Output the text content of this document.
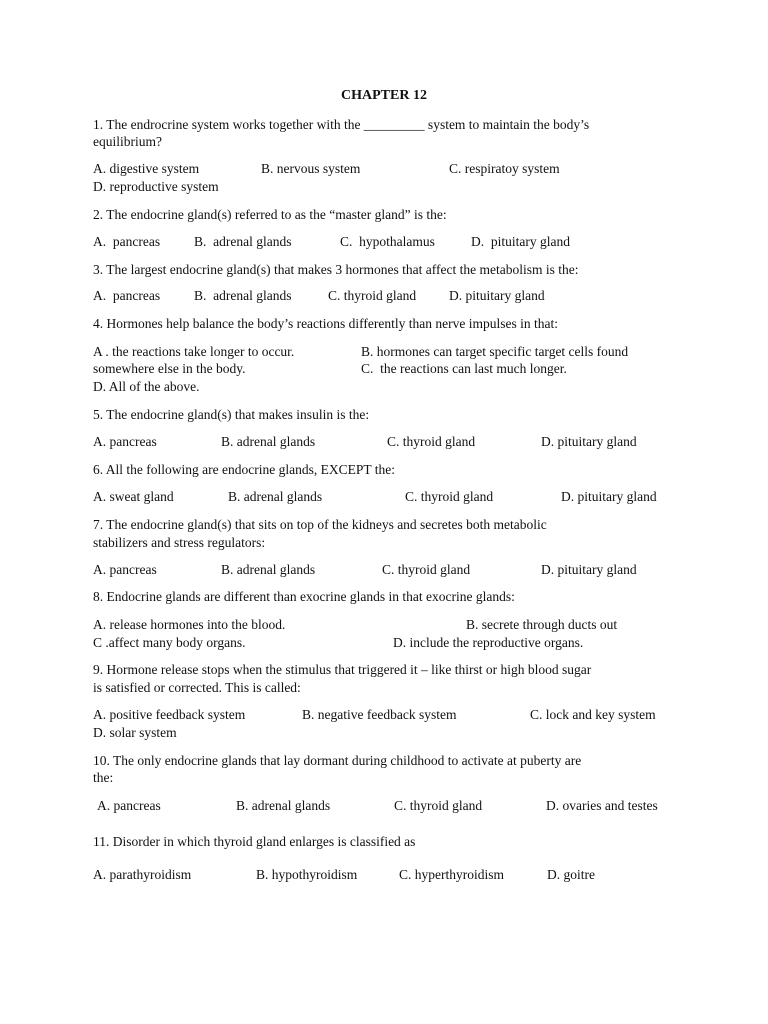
CHAPTER 12
1. The endrocrine system works together with the _________ system to maintain the body’s
equilibrium?
A. digestive system	B. nervous system	C. respiratoy system
D. reproductive system
2. The endocrine gland(s) referred to as the “master gland” is the:
A.  pancreas	B.  adrenal glands	C.  hypothalamus	D.  pituitary gland
3. The largest endocrine gland(s) that makes 3 hormones that affect the metabolism is the:
A.  pancreas	B.  adrenal glands	C. thyroid gland D. pituitary gland
4. Hormones help balance the body’s reactions differently than nerve impulses in that:
A . the reactions take longer to occur.	B. hormones can target specific target cells found
somewhere else in the body.	C.  the reactions can last much longer.
D. All of the above.
5. The endocrine gland(s) that makes insulin is the:
A. pancreas	B. adrenal glands	C. thyroid gland	D. pituitary gland
6. All the following are endocrine glands, EXCEPT the:
A. sweat gland	B. adrenal glands	C. thyroid gland	D. pituitary gland
7. The endocrine gland(s) that sits on top of the kidneys and secretes both metabolic
stabilizers and stress regulators:
A. pancreas	B. adrenal glands	C. thyroid gland	D. pituitary gland
8. Endocrine glands are different than exocrine glands in that exocrine glands:
A. release hormones into the blood.	B. secrete through ducts out
C .affect many body organs.	D. include the reproductive organs.
9. Hormone release stops when the stimulus that triggered it – like thirst or high blood sugar
is satisfied or corrected. This is called:
A. positive feedback system	B. negative feedback system	C. lock and key system
D. solar system
10. The only endocrine glands that lay dormant during childhood to activate at puberty are
the:
A. pancreas	B. adrenal glands	C. thyroid gland	D. ovaries and testes
11. Disorder in which thyroid gland enlarges is classified as
A. parathyroidism	B. hypothyroidism	C. hyperthyroidism	D. goitre
